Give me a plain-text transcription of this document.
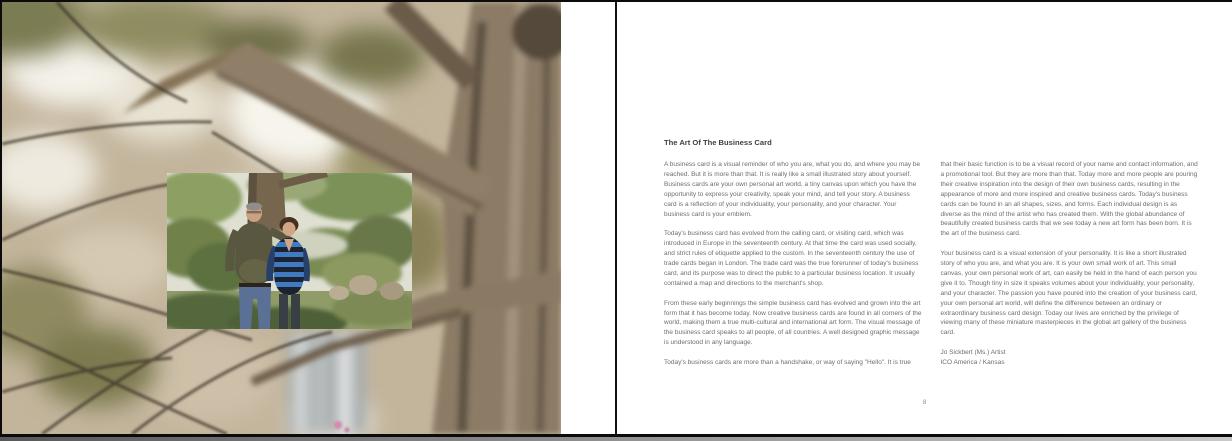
The Art Of The Business Card

A business card is a visual reminder of who you are, what you do, and where you may be reached. But it is more than that. It is really like a small illustrated story about yourself. Business cards are your own personal art world, a tiny canvas upon which you have the opportunity to express your creativity, speak your mind, and tell your story. A business card is a reflection of your individuality, your personality, and your character. Your business card is your emblem.

Today's business card has evolved from the calling card, or visiting card, which was introduced in Europe in the seventeenth century. At that time the card was used socially, and strict rules of etiquette applied to the custom. In the seventeenth century the use of trade cards began in London. The trade card was the true forerunner of today's business card, and its purpose was to direct the public to a particular business location. It usually contained a map and directions to the merchant's shop.

From these early beginnings the simple business card has evolved and grown into the art form that it has become today. Now creative business cards are found in all corners of the world, making them a true multi-cultural and international art form. The visual message of the business card speaks to all people, of all countries. A well designed graphic message is understood in any language.

Today's business cards are more than a handshake, or way of saying "Hello". It is true

that their basic function is to be a visual record of your name and contact information, and a promotional tool. But they are more than that. Today more and more people are pouring their creative inspiration into the design of their own business cards, resulting in the appearance of more and more inspired and creative business cards. Today's business cards can be found in an all shapes, sizes, and forms. Each individual design is as diverse as the mind of the artist who has created them. With the global abundance of beautifully created business cards that we see today a new art form has been born. It is the art of the business card.

Your business card is a visual extension of your personality. It is like a short illustrated story of who you are, and what you are. It is your own small work of art. This small canvas, your own personal work of art, can easily be held in the hand of each person you give it to. Though tiny in size it speaks volumes about your individuality, your personality, and your character. The passion you have poured into the creation of your business card, your own personal art world, will define the difference between an ordinary or extraordinary business card design. Today our lives are enriched by the privilege of viewing many of these miniature masterpieces in the global art gallery of the business card.

Jo Sickbert (Ms.) Artist
ICO America / Kansas
8
